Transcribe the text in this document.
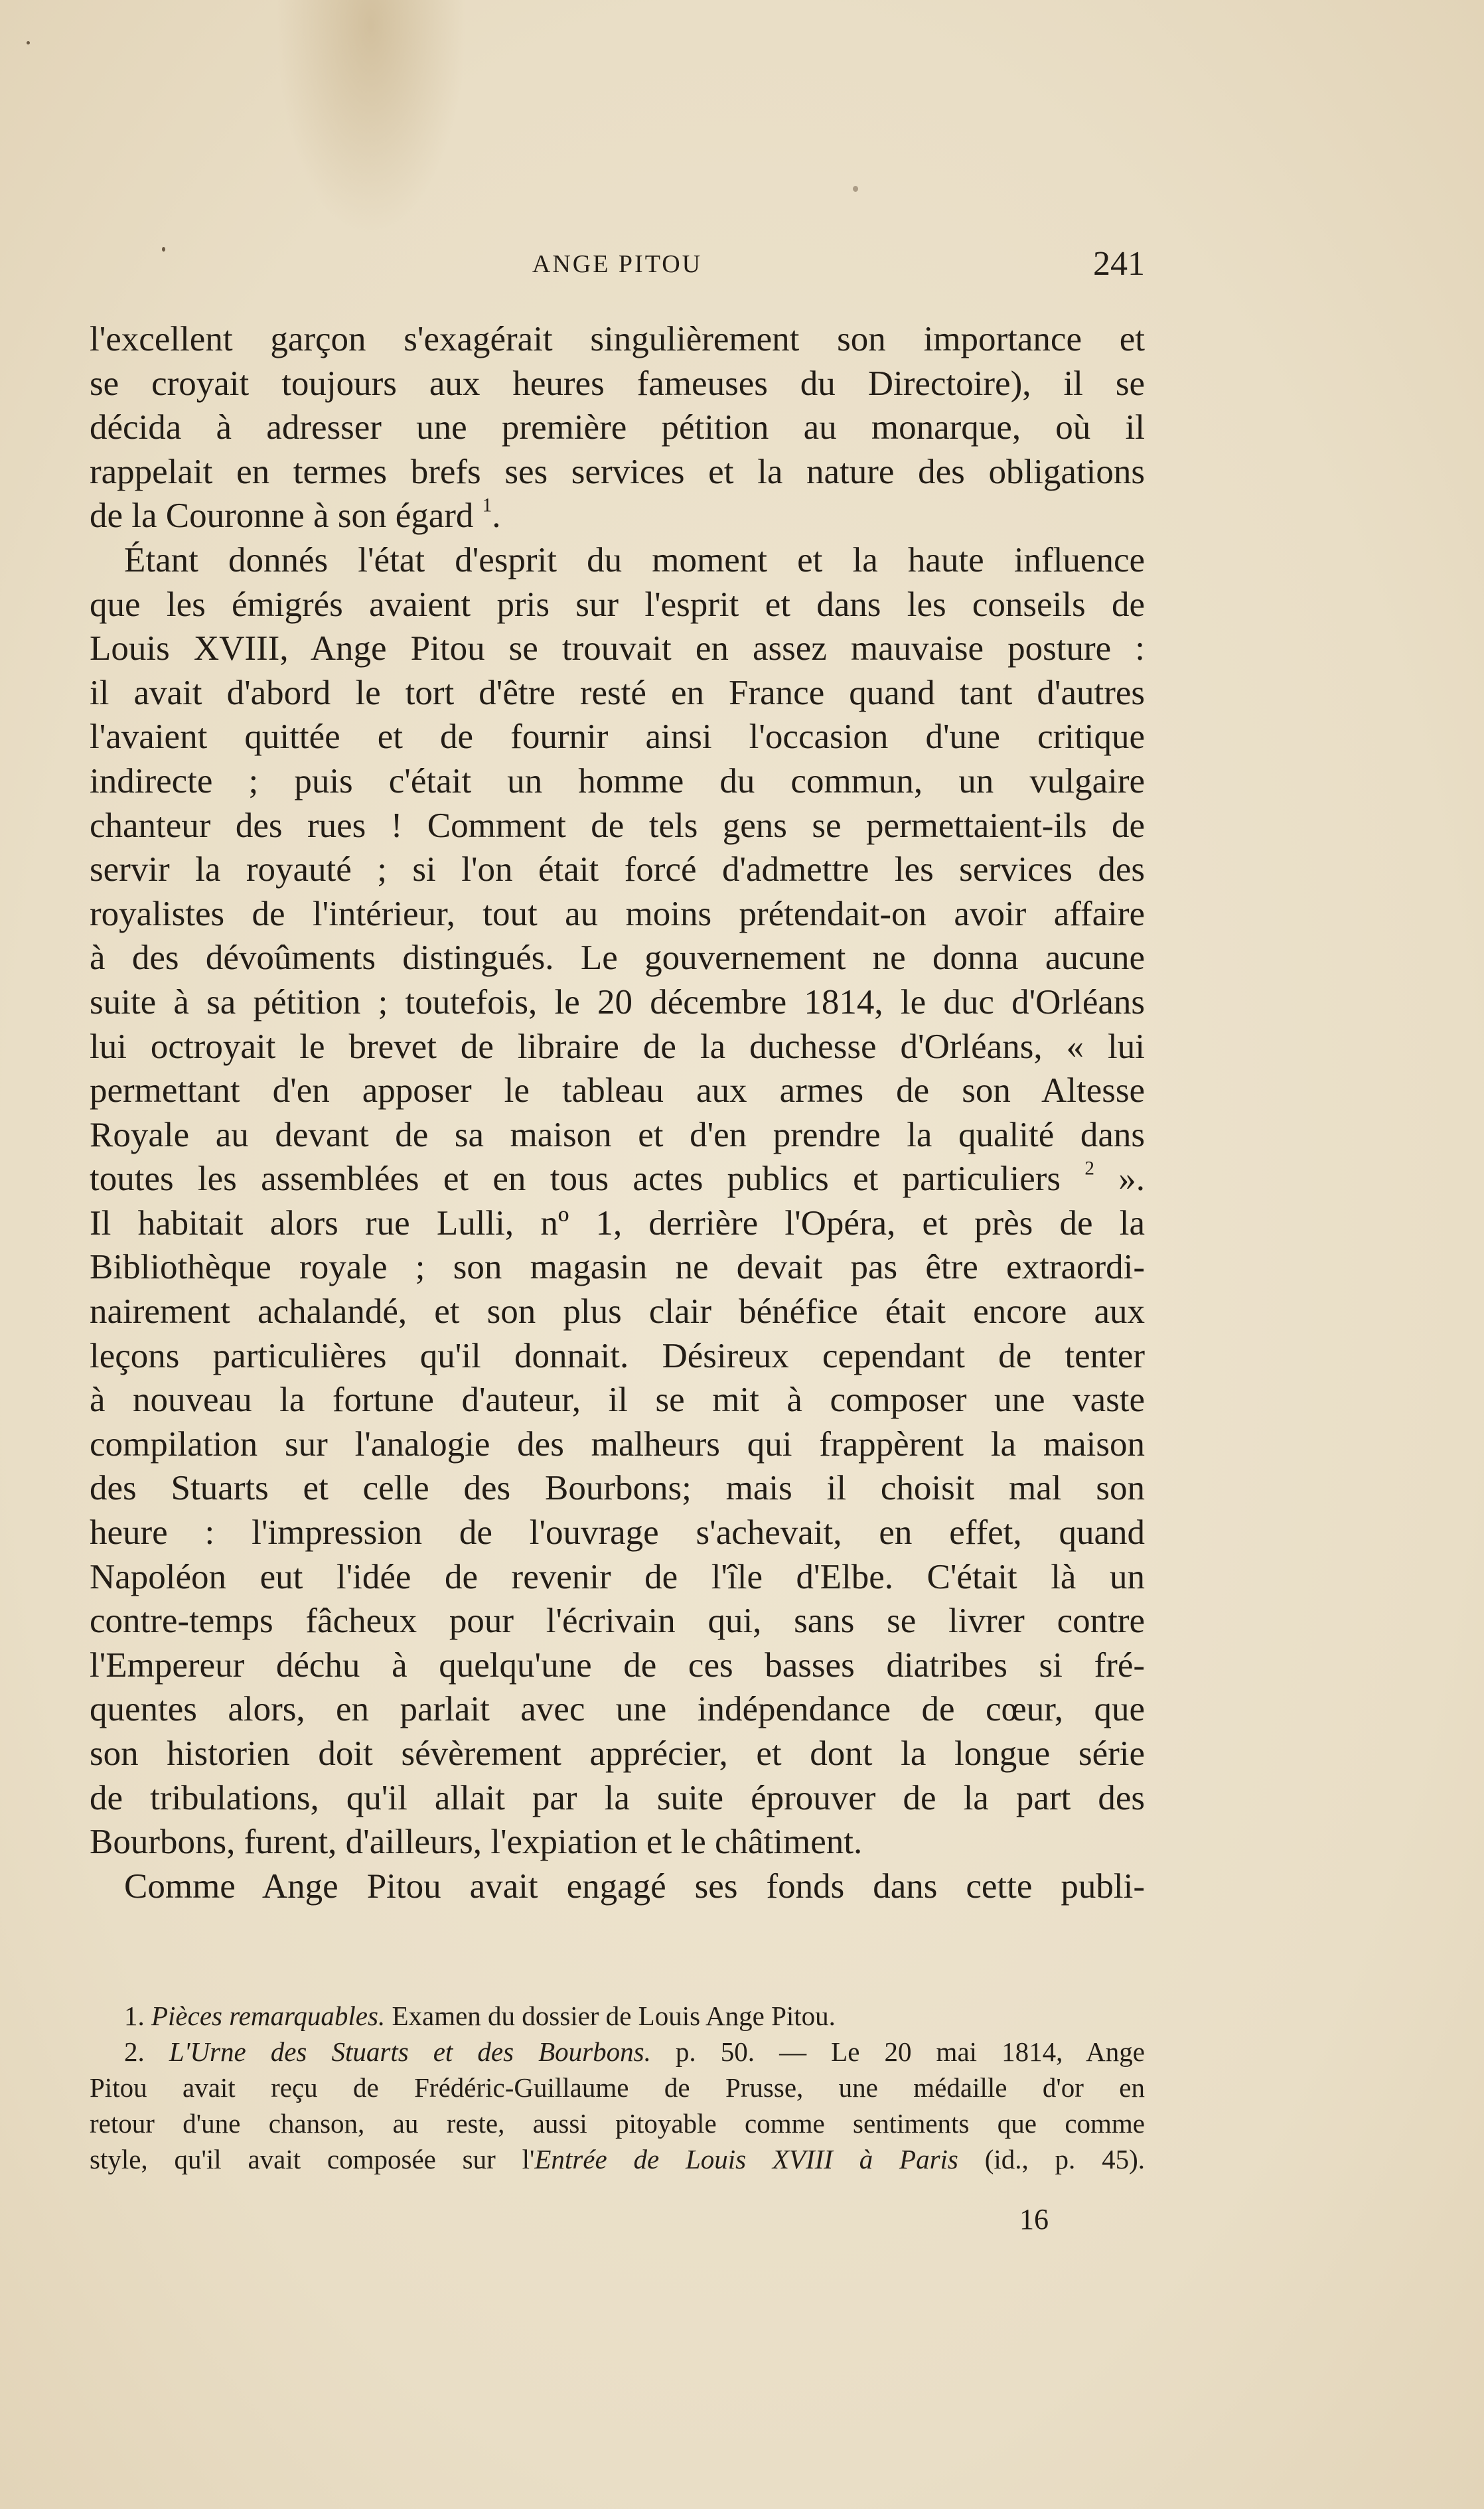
ANGE PITOU	241
l'excellent garçon s'exagérait singulièrement son importance et
se croyait toujours aux heures fameuses du Directoire), il se
décida à adresser une première pétition au monarque, où il
rappelait en termes brefs ses services et la nature des obligations
de la Couronne à son égard $^1$.
Étant donnés l'état d'esprit du moment et la haute influence
que les émigrés avaient pris sur l'esprit et dans les conseils de
Louis XVIII, Ange Pitou se trouvait en assez mauvaise posture :
il avait d'abord le tort d'être resté en France quand tant d'autres
l'avaient quittée et de fournir ainsi l'occasion d'une critique
indirecte ; puis c'était un homme du commun, un vulgaire
chanteur des rues ! Comment de tels gens se permettaient-ils de
servir la royauté ; si l'on était forcé d'admettre les services des
royalistes de l'intérieur, tout au moins prétendait-on avoir affaire
à des dévoûments distingués. Le gouvernement ne donna aucune
suite à sa pétition ; toutefois, le 20 décembre 1814, le duc d'Orléans
lui octroyait le brevet de libraire de la duchesse d'Orléans, « lui
permettant d'en apposer le tableau aux armes de son Altesse
Royale au devant de sa maison et d'en prendre la qualité dans
toutes les assemblées et en tous actes publics et particuliers $^2$ ».
Il habitait alors rue Lulli, nº 1, derrière l'Opéra, et près de la
Bibliothèque royale ; son magasin ne devait pas être extraordi-
nairement achalandé, et son plus clair bénéfice était encore aux
leçons particulières qu'il donnait. Désireux cependant de tenter
à nouveau la fortune d'auteur, il se mit à composer une vaste
compilation sur l'analogie des malheurs qui frappèrent la maison
des Stuarts et celle des Bourbons; mais il choisit mal son
heure : l'impression de l'ouvrage s'achevait, en effet, quand
Napoléon eut l'idée de revenir de l'île d'Elbe. C'était là un
contre-temps fâcheux pour l'écrivain qui, sans se livrer contre
l'Empereur déchu à quelqu'une de ces basses diatribes si fré-
quentes alors, en parlait avec une indépendance de cœur, que
son historien doit sévèrement apprécier, et dont la longue série
de tribulations, qu'il allait par la suite éprouver de la part des
Bourbons, furent, d'ailleurs, l'expiation et le châtiment.
Comme Ange Pitou avait engagé ses fonds dans cette publi-
1. Pièces remarquables. Examen du dossier de Louis Ange Pitou.
2. L'Urne des Stuarts et des Bourbons. p. 50. — Le 20 mai 1814, Ange
Pitou avait reçu de Frédéric-Guillaume de Prusse, une médaille d'or en
retour d'une chanson, au reste, aussi pitoyable comme sentiments que comme
style, qu'il avait composée sur l'Entrée de Louis XVIII à Paris (id., p. 45).
16
